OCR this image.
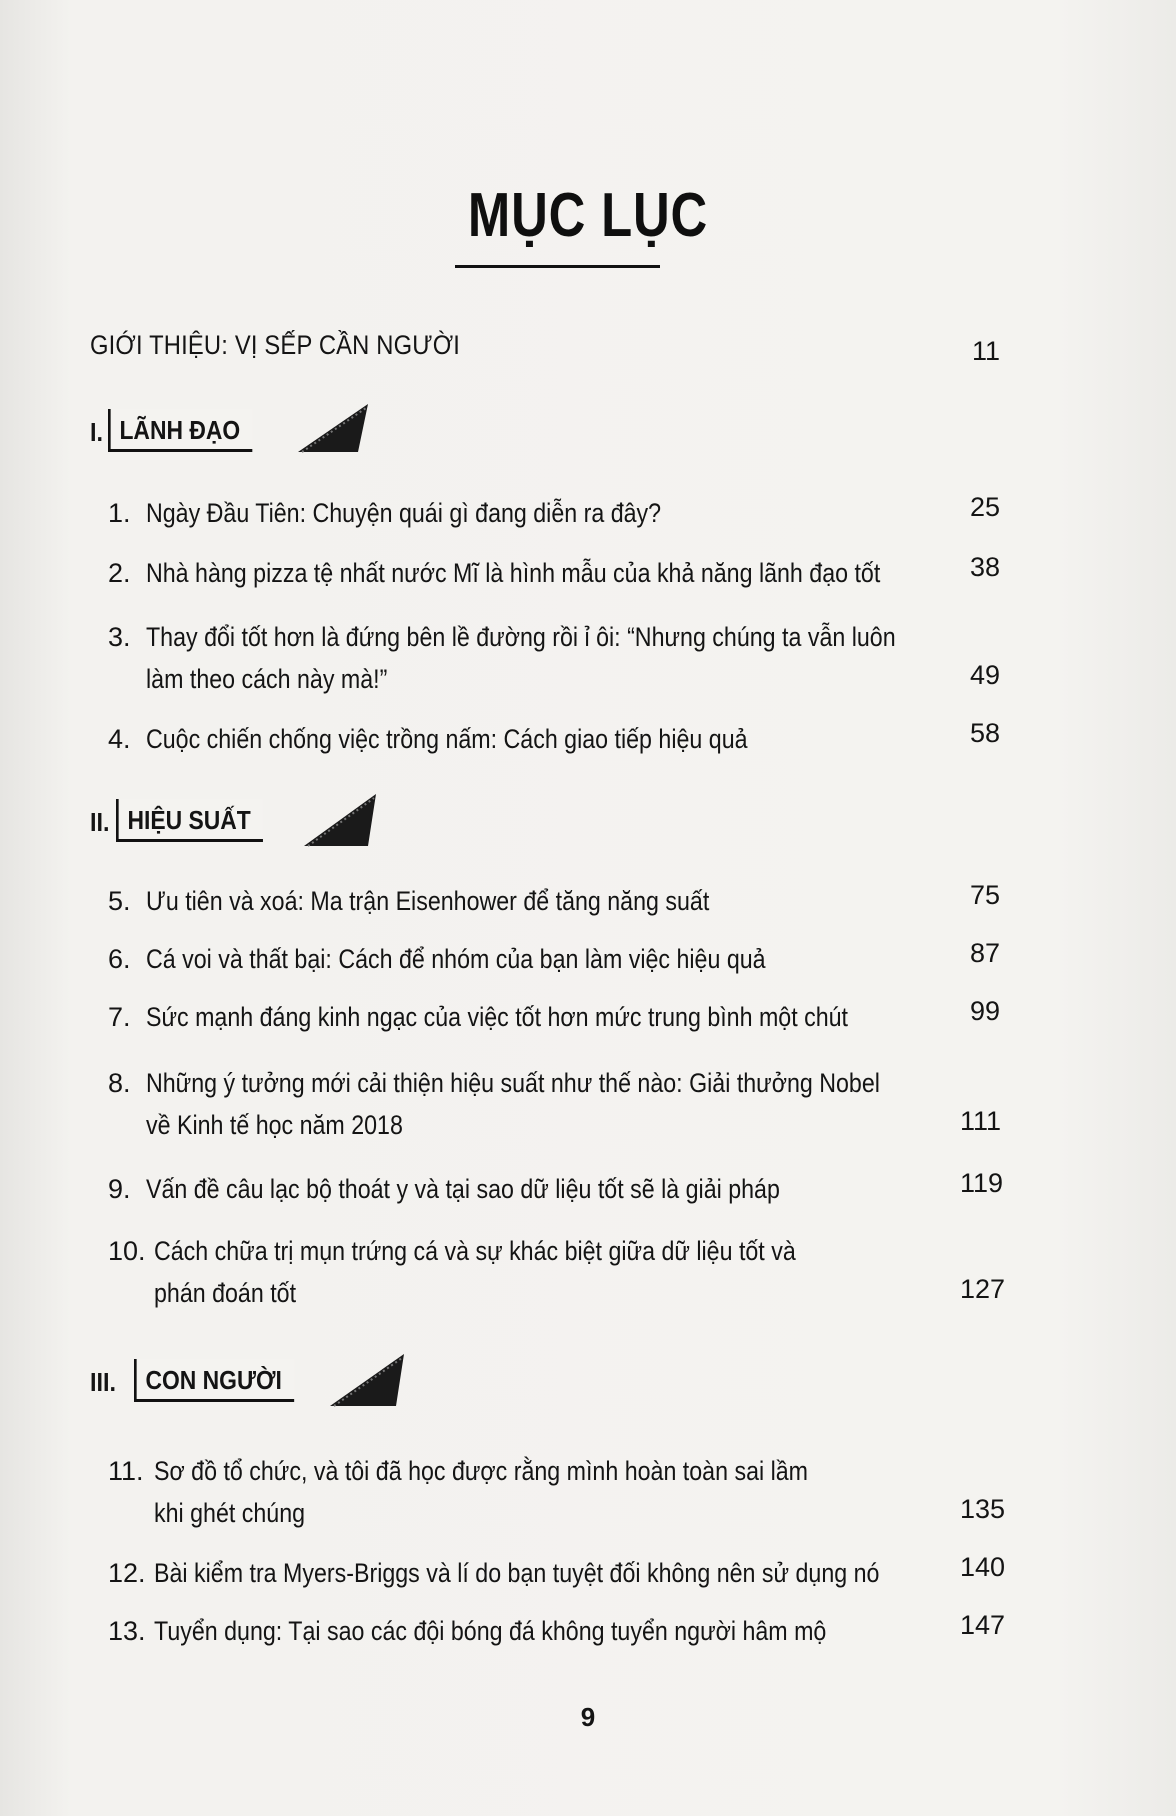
MỤC LỤC
GIỚI THIỆU: VỊ SẾP CẦN NGƯỜI	11
I. LÃNH ĐẠO
1. Ngày Đầu Tiên: Chuyện quái gì đang diễn ra đây?	25
2. Nhà hàng pizza tệ nhất nước Mĩ là hình mẫu của khả năng lãnh đạo tốt	38
3. Thay đổi tốt hơn là đứng bên lề đường rồi ỉ ôi: “Nhưng chúng ta vẫn luôn
làm theo cách này mà!”	49
4. Cuộc chiến chống việc trồng nấm: Cách giao tiếp hiệu quả	58
II. HIỆU SUẤT
5. Ưu tiên và xoá: Ma trận Eisenhower để tăng năng suất	75
6. Cá voi và thất bại: Cách để nhóm của bạn làm việc hiệu quả	87
7. Sức mạnh đáng kinh ngạc của việc tốt hơn mức trung bình một chút	99
8. Những ý tưởng mới cải thiện hiệu suất như thế nào: Giải thưởng Nobel
về Kinh tế học năm 2018	111
9. Vấn đề câu lạc bộ thoát y và tại sao dữ liệu tốt sẽ là giải pháp	119
10. Cách chữa trị mụn trứng cá và sự khác biệt giữa dữ liệu tốt và
phán đoán tốt	127
III.	CON NGƯỜI
11. Sơ đồ tổ chức, và tôi đã học được rằng mình hoàn toàn sai lầm
khi ghét chúng	135
12. Bài kiểm tra Myers-Briggs và lí do bạn tuyệt đối không nên sử dụng nó	140
13. Tuyển dụng: Tại sao các đội bóng đá không tuyển người hâm mộ	147
9
